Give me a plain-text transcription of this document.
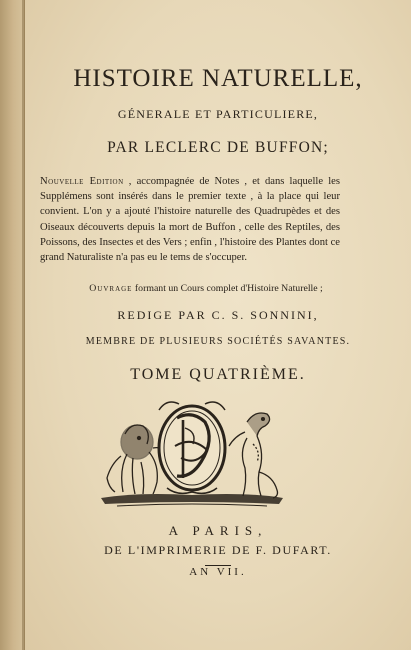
HISTOIRE NATURELLE,
GÉNERALE ET PARTICULIERE,
PAR LECLERC DE BUFFON;
Nouvelle Edition , accompagnée de Notes , et dans laquelle les Supplémens sont insérés dans le premier texte , à la place qui leur convient. L'on y a ajouté l'histoire naturelle des Quadrupèdes et des Oiseaux découverts depuis la mort de Buffon , celle des Reptiles, des Poissons, des Insectes et des Vers ; enfin , l'histoire des Plantes dont ce grand Naturaliste n'a pas eu le tems de s'occuper.
Ouvrage formant un Cours complet d'Histoire Naturelle ;
REDIGE PAR C. S. SONNINI,
MEMBRE DE PLUSIEURS SOCIÉTÉS SAVANTES.
TOME QUATRIÈME.
A PARIS,
DE L'IMPRIMERIE DE F. DUFART.
AN VII.
